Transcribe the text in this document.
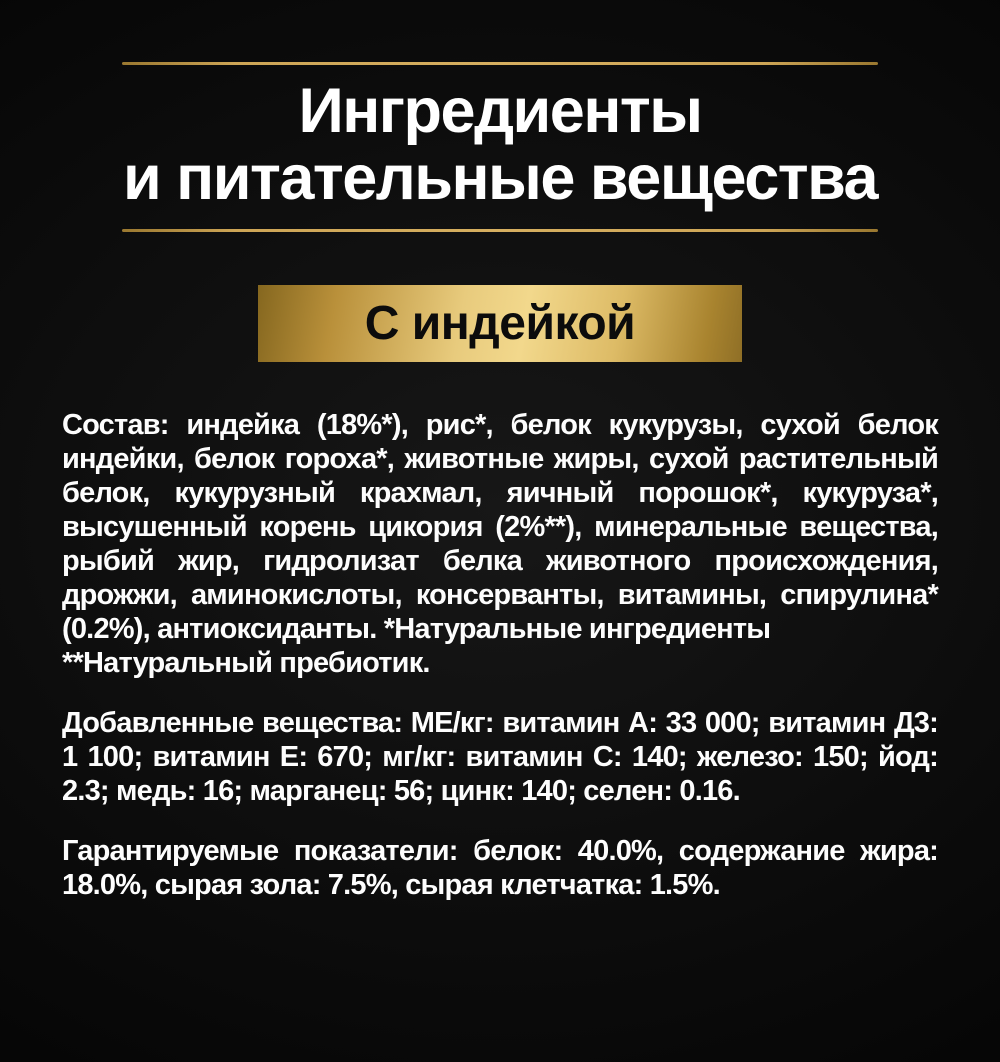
Ингредиенты
и питательные вещества
С индейкой

Состав: индейка (18%*), рис*, белок кукурузы, сухой белок индейки, белок гороха*, животные жиры, сухой растительный белок, кукурузный крахмал, яичный порошок*, кукуруза*, высушенный корень цикория (2%**), минеральные вещества, рыбий жир, гидролизат белка животного происхождения, дрожжи, аминокислоты, консерванты, витамины, спирулина* (0.2%), антиоксиданты. *Натуральные ингредиенты
**Натуральный пребиотик.

Добавленные вещества: МЕ/кг: витамин А: 33 000; витамин Д3: 1 100; витамин Е: 670; мг/кг: витамин С: 140; железо: 150; йод: 2.3; медь: 16; марганец: 56; цинк: 140; селен: 0.16.

Гарантируемые показатели: белок: 40.0%, содержание жира: 18.0%, сырая зола: 7.5%, сырая клетчатка: 1.5%.
